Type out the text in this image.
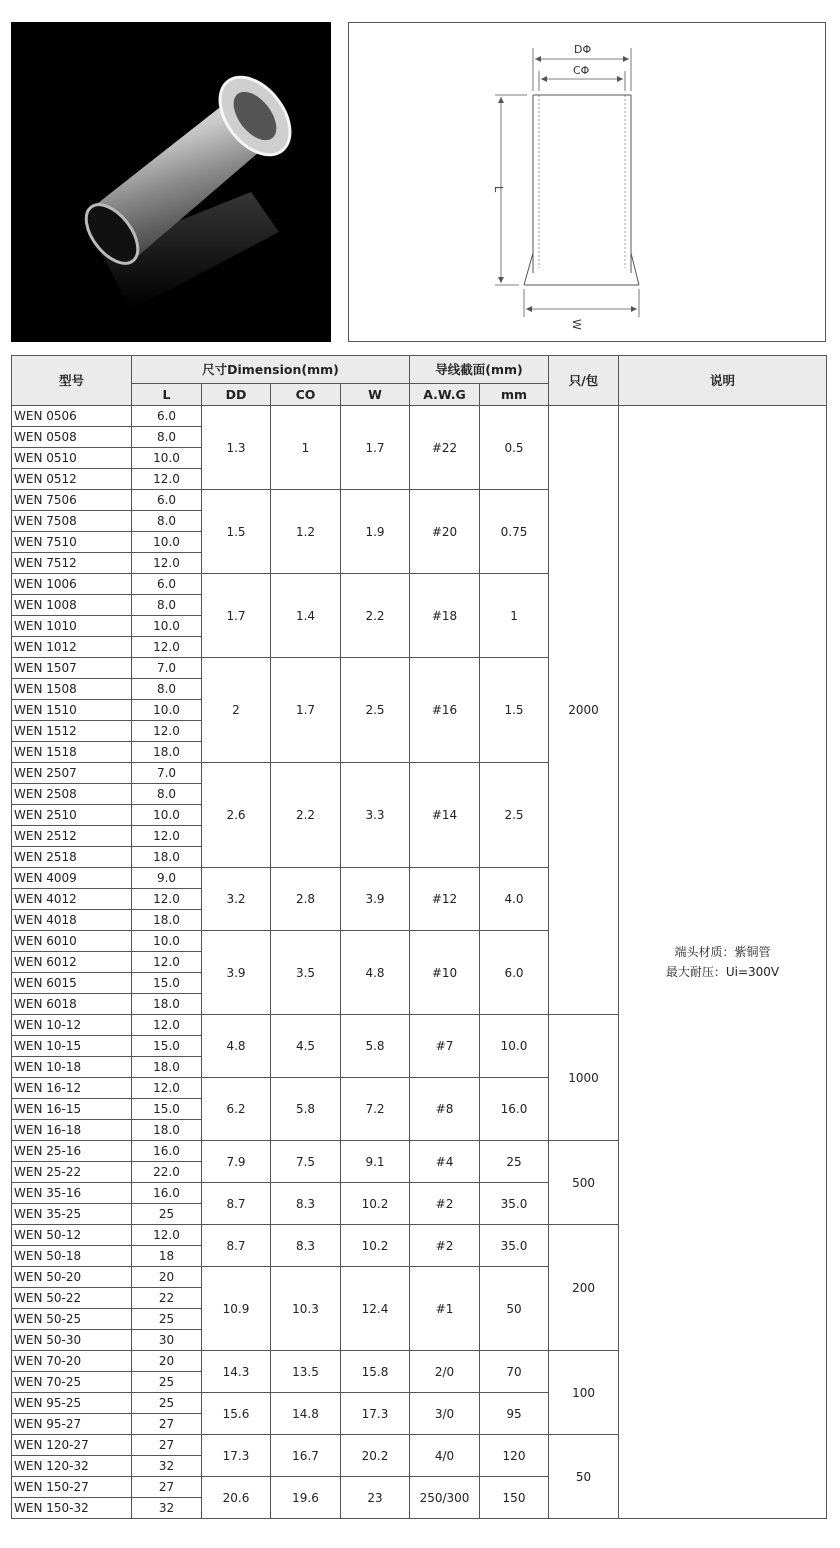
DΦ
CΦ
L
W
型号	尺寸Dimension(mm)				导线截面(mm)		只/包	说明
	L	DD	CO	W	A.W.G	mm		
WEN 0506	6.0	1.3	1	1.7	#22	0.5	2000	端头材质：紫铜管
最大耐压：Ui=300V

WEN 0508	8.0							
WEN 0510	10.0							
WEN 0512	12.0							
WEN 7506	6.0	1.5	1.2	1.9	#20	0.75		
WEN 7508	8.0							
WEN 7510	10.0							
WEN 7512	12.0							
WEN 1006	6.0	1.7	1.4	2.2	#18	1		
WEN 1008	8.0							
WEN 1010	10.0							
WEN 1012	12.0							
WEN 1507	7.0	2	1.7	2.5	#16	1.5		
WEN 1508	8.0							
WEN 1510	10.0							
WEN 1512	12.0							
WEN 1518	18.0							
WEN 2507	7.0	2.6	2.2	3.3	#14	2.5		
WEN 2508	8.0							
WEN 2510	10.0							
WEN 2512	12.0							
WEN 2518	18.0							
WEN 4009	9.0	3.2	2.8	3.9	#12	4.0		
WEN 4012	12.0							
WEN 4018	18.0							
WEN 6010	10.0	3.9	3.5	4.8	#10	6.0		
WEN 6012	12.0							
WEN 6015	15.0							
WEN 6018	18.0							
WEN 10-12	12.0	4.8	4.5	5.8	#7	10.0	1000	
WEN 10-15	15.0							
WEN 10-18	18.0							
WEN 16-12	12.0	6.2	5.8	7.2	#8	16.0		
WEN 16-15	15.0							
WEN 16-18	18.0							
WEN 25-16	16.0	7.9	7.5	9.1	#4	25	500	
WEN 25-22	22.0							
WEN 35-16	16.0	8.7	8.3	10.2	#2	35.0		
WEN 35-25	25							
WEN 50-12	12.0	8.7	8.3	10.2	#2	35.0	200	
WEN 50-18	18							
WEN 50-20	20	10.9	10.3	12.4	#1	50		
WEN 50-22	22							
WEN 50-25	25							
WEN 50-30	30							
WEN 70-20	20	14.3	13.5	15.8	2/0	70	100	
WEN 70-25	25							
WEN 95-25	25	15.6	14.8	17.3	3/0	95		
WEN 95-27	27							
WEN 120-27	27	17.3	16.7	20.2	4/0	120	50	
WEN 120-32	32							
WEN 150-27	27	20.6	19.6	23	250/300	150		
WEN 150-32	32							
